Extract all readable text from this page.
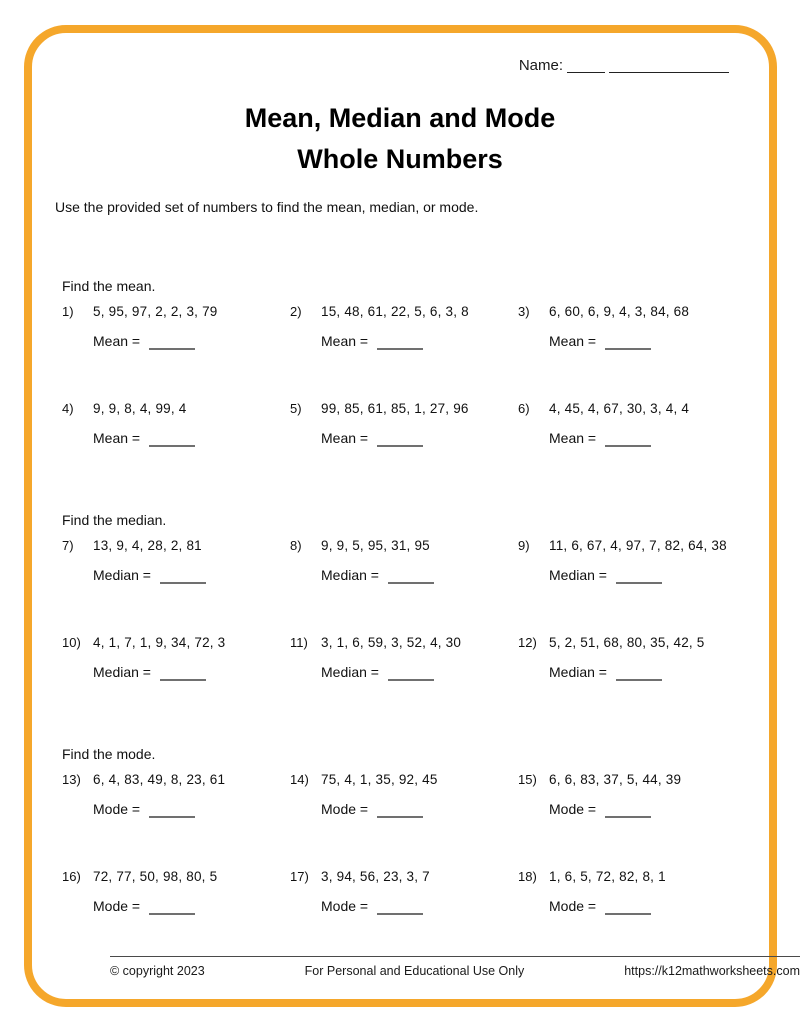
Name:
Mean, Median and Mode
Whole Numbers

Use the provided set of numbers to find the mean, median, or mode.

Find the mean.
1)	5, 95, 97, 2, 2, 3, 79
Mean =
2)	15, 48, 61, 22, 5, 6, 3, 8
Mean =
3)	6, 60, 6, 9, 4, 3, 84, 68
Mean =
4)	9, 9, 8, 4, 99, 4
Mean =
5)	99, 85, 61, 85, 1, 27, 96
Mean =
6)	4, 45, 4, 67, 30, 3, 4, 4
Mean =
Find the median.
7)	13, 9, 4, 28, 2, 81
Median =
8)	9, 9, 5, 95, 31, 95
Median =
9)	11, 6, 67, 4, 97, 7, 82, 64, 38
Median =
10) 4, 1, 7, 1, 9, 34, 72, 3
Median =
11) 3, 1, 6, 59, 3, 52, 4, 30
Median =
12) 5, 2, 51, 68, 80, 35, 42, 5
Median =
Find the mode.
13) 6, 4, 83, 49, 8, 23, 61
Mode =
14) 75, 4, 1, 35, 92, 45
Mode =
15) 6, 6, 83, 37, 5, 44, 39
Mode =
16) 72, 77, 50, 98, 80, 5
Mode =
17) 3, 94, 56, 23, 3, 7
Mode =
18) 1, 6, 5, 72, 82, 8, 1
Mode =
© copyright 2023	For Personal and Educational Use Only	https://k12mathworksheets.com
